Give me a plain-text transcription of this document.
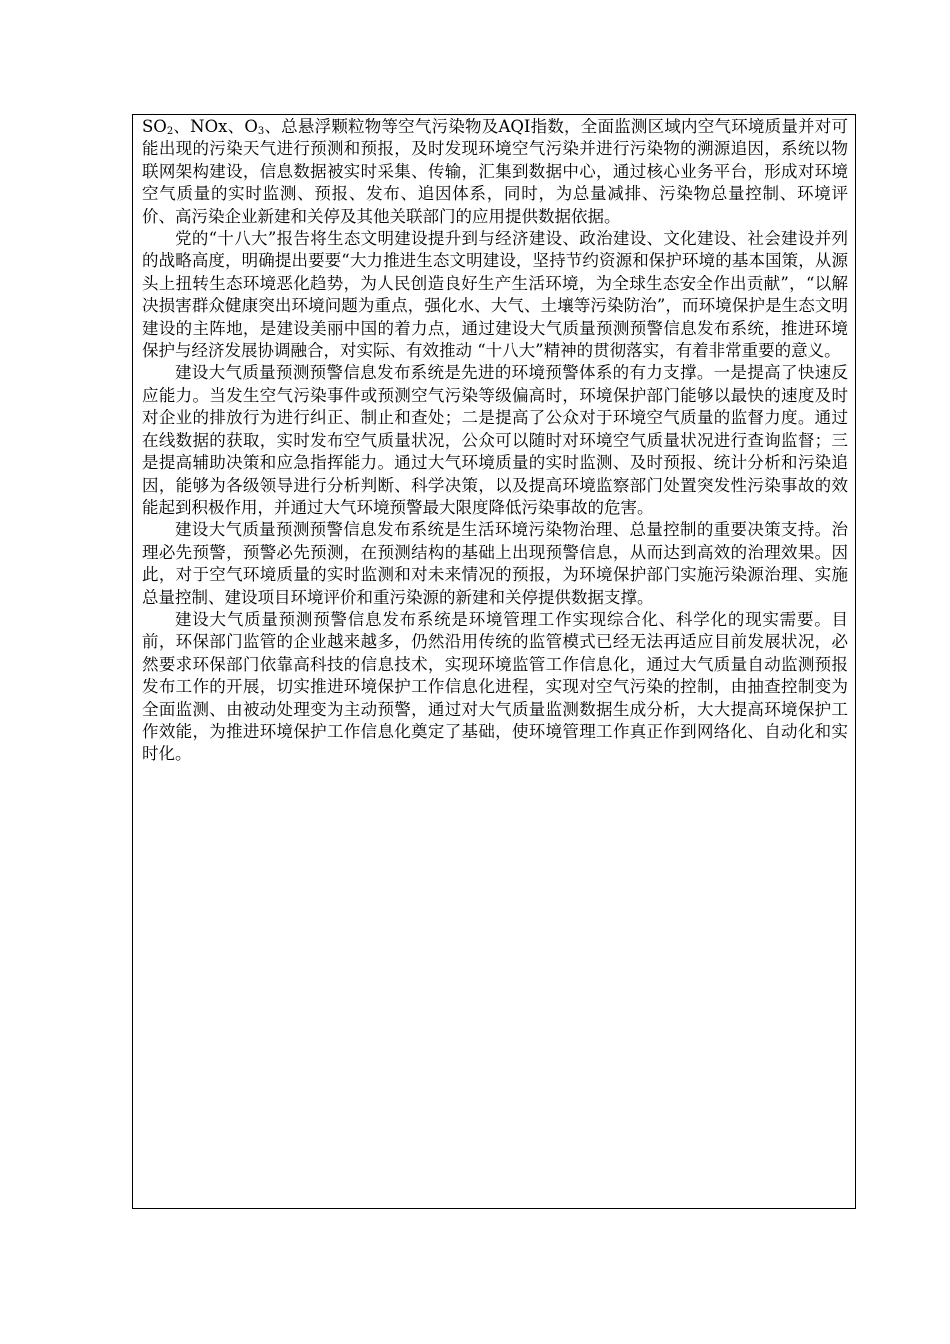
$SO_2$、NOx、$O_3$、总悬浮颗粒物等空气污染物及AQI指数，全面监测区域内空气环境质量并对可能出现的污染天气进行预测和预报，及时发现环境空气污染并进行污染物的溯源追因，系统以物联网架构建设，信息数据被实时采集、传输，汇集到数据中心，通过核心业务平台，形成对环境空气质量的实时监测、预报、发布、追因体系，同时，为总量减排、污染物总量控制、环境评价、高污染企业新建和关停及其他关联部门的应用提供数据依据。

党的“十八大”报告将生态文明建设提升到与经济建设、政治建设、文化建设、社会建设并列的战略高度，明确提出要要“大力推进生态文明建设，坚持节约资源和保护环境的基本国策，从源头上扭转生态环境恶化趋势，为人民创造良好生产生活环境，为全球生态安全作出贡献”，“以解决损害群众健康突出环境问题为重点，强化水、大气、土壤等污染防治”，而环境保护是生态文明建设的主阵地，是建设美丽中国的着力点，通过建设大气质量预测预警信息发布系统，推进环境保护与经济发展协调融合，对实际、有效推动 “十八大”精神的贯彻落实，有着非常重要的意义。

建设大气质量预测预警信息发布系统是先进的环境预警体系的有力支撑。一是提高了快速反应能力。当发生空气污染事件或预测空气污染等级偏高时，环境保护部门能够以最快的速度及时对企业的排放行为进行纠正、制止和查处；二是提高了公众对于环境空气质量的监督力度。通过在线数据的获取，实时发布空气质量状况，公众可以随时对环境空气质量状况进行查询监督；三是提高辅助决策和应急指挥能力。通过大气环境质量的实时监测、及时预报、统计分析和污染追因，能够为各级领导进行分析判断、科学决策，以及提高环境监察部门处置突发性污染事故的效能起到积极作用，并通过大气环境预警最大限度降低污染事故的危害。

建设大气质量预测预警信息发布系统是生活环境污染物治理、总量控制的重要决策支持。治理必先预警，预警必先预测，在预测结构的基础上出现预警信息，从而达到高效的治理效果。因此，对于空气环境质量的实时监测和对未来情况的预报，为环境保护部门实施污染源治理、实施总量控制、建设项目环境评价和重污染源的新建和关停提供数据支撑。

建设大气质量预测预警信息发布系统是环境管理工作实现综合化、科学化的现实需要。目前，环保部门监管的企业越来越多，仍然沿用传统的监管模式已经无法再适应目前发展状况，必然要求环保部门依靠高科技的信息技术，实现环境监管工作信息化，通过大气质量自动监测预报发布工作的开展，切实推进环境保护工作信息化进程，实现对空气污染的控制，由抽查控制变为全面监测、由被动处理变为主动预警，通过对大气质量监测数据生成分析，大大提高环境保护工作效能，为推进环境保护工作信息化奠定了基础，使环境管理工作真正作到网络化、自动化和实时化。
